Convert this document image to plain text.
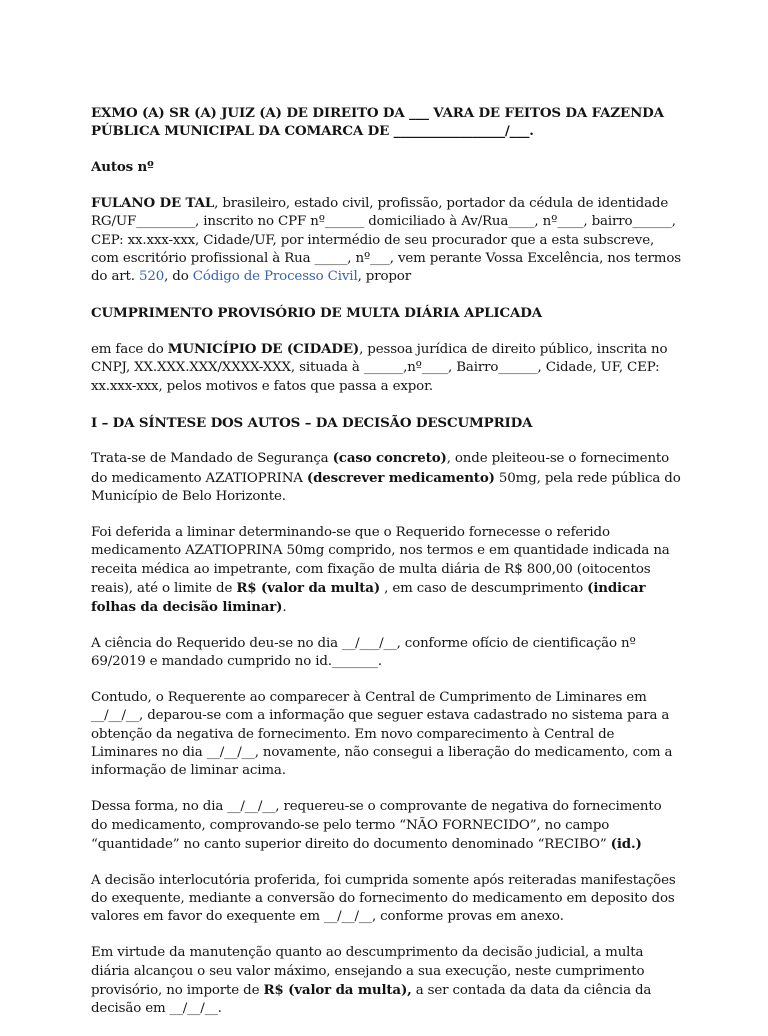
EXMO (A) SR (A) JUIZ (A) DE DIREITO DA ___ VARA DE FEITOS DA FAZENDA PÚBLICA MUNICIPAL DA COMARCA DE _________________/___.

Autos nº

FULANO DE TAL, brasileiro, estado civil, profissão, portador da cédula de identidade RG/UF_________, inscrito no CPF nº______ domiciliado à Av/Rua____, nº____, bairro______, CEP: xx.xxx-xxx, Cidade/UF, por intermédio de seu procurador que a esta subscreve, com escritório profissional à Rua _____, nº___, vem perante Vossa Excelência, nos termos do art. 520, do Código de Processo Civil, propor

CUMPRIMENTO PROVISÓRIO DE MULTA DIÁRIA APLICADA

em face do MUNICÍPIO DE (CIDADE), pessoa jurídica de direito público, inscrita no CNPJ, XX.XXX.XXX/XXXX-XXX, situada à ______,nº____, Bairro______, Cidade, UF, CEP: xx.xxx-xxx, pelos motivos e fatos que passa a expor.

I – DA SÍNTESE DOS AUTOS – DA DECISÃO DESCUMPRIDA

Trata-se de Mandado de Segurança (caso concreto), onde pleiteou-se o fornecimento do medicamento AZATIOPRINA (descrever medicamento) 50mg, pela rede pública do Município de Belo Horizonte.

Foi deferida a liminar determinando-se que o Requerido fornecesse o referido medicamento AZATIOPRINA 50mg comprido, nos termos e em quantidade indicada na receita médica ao impetrante, com fixação de multa diária de R$ 800,00 (oitocentos reais), até o limite de R$ (valor da multa) , em caso de descumprimento (indicar folhas da decisão liminar).

A ciência do Requerido deu-se no dia __/___/__, conforme ofício de cientificação nº 69/2019 e mandado cumprido no id._______.

Contudo, o Requerente ao comparecer à Central de Cumprimento de Liminares em __/__/__, deparou-se com a informação que seguer estava cadastrado no sistema para a obtenção da negativa de fornecimento. Em novo comparecimento à Central de Liminares no dia __/__/__, novamente, não consegui a liberação do medicamento, com a informação de liminar acima.

Dessa forma, no dia __/__/__, requereu-se o comprovante de negativa do fornecimento do medicamento, comprovando-se pelo termo “NÃO FORNECIDO”, no campo “quantidade” no canto superior direito do documento denominado “RECIBO” (id.)

A decisão interlocutória proferida, foi cumprida somente após reiteradas manifestações do exequente, mediante a conversão do fornecimento do medicamento em deposito dos valores em favor do exequente em __/__/__, conforme provas em anexo.

Em virtude da manutenção quanto ao descumprimento da decisão judicial, a multa diária alcançou o seu valor máximo, ensejando a sua execução, neste cumprimento provisório, no importe de R$ (valor da multa), a ser contada da data da ciência da decisão em __/__/__.
